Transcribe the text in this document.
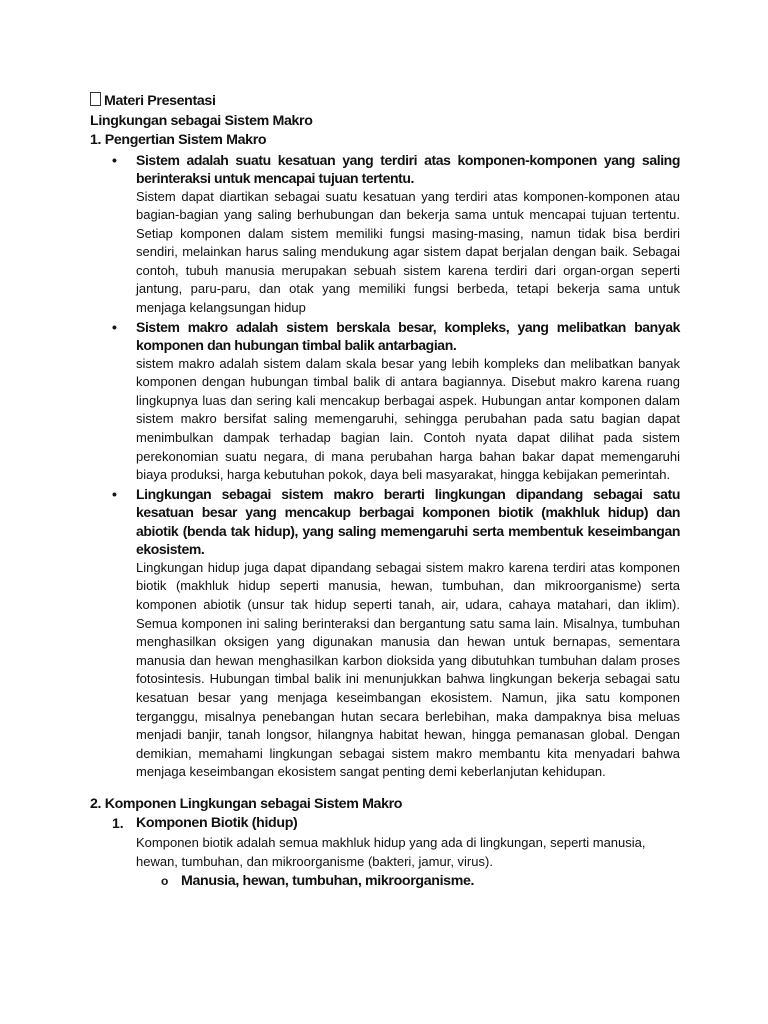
Materi Presentasi
Lingkungan sebagai Sistem Makro
1. Pengertian Sistem Makro
• Sistem adalah suatu kesatuan yang terdiri atas komponen-komponen yang saling berinteraksi untuk mencapai tujuan tertentu.
Sistem dapat diartikan sebagai suatu kesatuan yang terdiri atas komponen-komponen atau bagian-bagian yang saling berhubungan dan bekerja sama untuk mencapai tujuan tertentu. Setiap komponen dalam sistem memiliki fungsi masing-masing, namun tidak bisa berdiri sendiri, melainkan harus saling mendukung agar sistem dapat berjalan dengan baik. Sebagai contoh, tubuh manusia merupakan sebuah sistem karena terdiri dari organ-organ seperti jantung, paru-paru, dan otak yang memiliki fungsi berbeda, tetapi bekerja sama untuk menjaga kelangsungan hidup
• Sistem makro adalah sistem berskala besar, kompleks, yang melibatkan banyak komponen dan hubungan timbal balik antarbagian.
sistem makro adalah sistem dalam skala besar yang lebih kompleks dan melibatkan banyak komponen dengan hubungan timbal balik di antara bagiannya. Disebut makro karena ruang lingkupnya luas dan sering kali mencakup berbagai aspek. Hubungan antar komponen dalam sistem makro bersifat saling memengaruhi, sehingga perubahan pada satu bagian dapat menimbulkan dampak terhadap bagian lain. Contoh nyata dapat dilihat pada sistem perekonomian suatu negara, di mana perubahan harga bahan bakar dapat memengaruhi biaya produksi, harga kebutuhan pokok, daya beli masyarakat, hingga kebijakan pemerintah.
• Lingkungan sebagai sistem makro berarti lingkungan dipandang sebagai satu kesatuan besar yang mencakup berbagai komponen biotik (makhluk hidup) dan abiotik (benda tak hidup), yang saling memengaruhi serta membentuk keseimbangan ekosistem.
Lingkungan hidup juga dapat dipandang sebagai sistem makro karena terdiri atas komponen biotik (makhluk hidup seperti manusia, hewan, tumbuhan, dan mikroorganisme) serta komponen abiotik (unsur tak hidup seperti tanah, air, udara, cahaya matahari, dan iklim). Semua komponen ini saling berinteraksi dan bergantung satu sama lain. Misalnya, tumbuhan menghasilkan oksigen yang digunakan manusia dan hewan untuk bernapas, sementara manusia dan hewan menghasilkan karbon dioksida yang dibutuhkan tumbuhan dalam proses fotosintesis. Hubungan timbal balik ini menunjukkan bahwa lingkungan bekerja sebagai satu kesatuan besar yang menjaga keseimbangan ekosistem. Namun, jika satu komponen terganggu, misalnya penebangan hutan secara berlebihan, maka dampaknya bisa meluas menjadi banjir, tanah longsor, hilangnya habitat hewan, hingga pemanasan global. Dengan demikian, memahami lingkungan sebagai sistem makro membantu kita menyadari bahwa menjaga keseimbangan ekosistem sangat penting demi keberlanjutan kehidupan.
2. Komponen Lingkungan sebagai Sistem Makro
1. Komponen Biotik (hidup)
Komponen biotik adalah semua makhluk hidup yang ada di lingkungan, seperti manusia, hewan, tumbuhan, dan mikroorganisme (bakteri, jamur, virus).
o Manusia, hewan, tumbuhan, mikroorganisme.
